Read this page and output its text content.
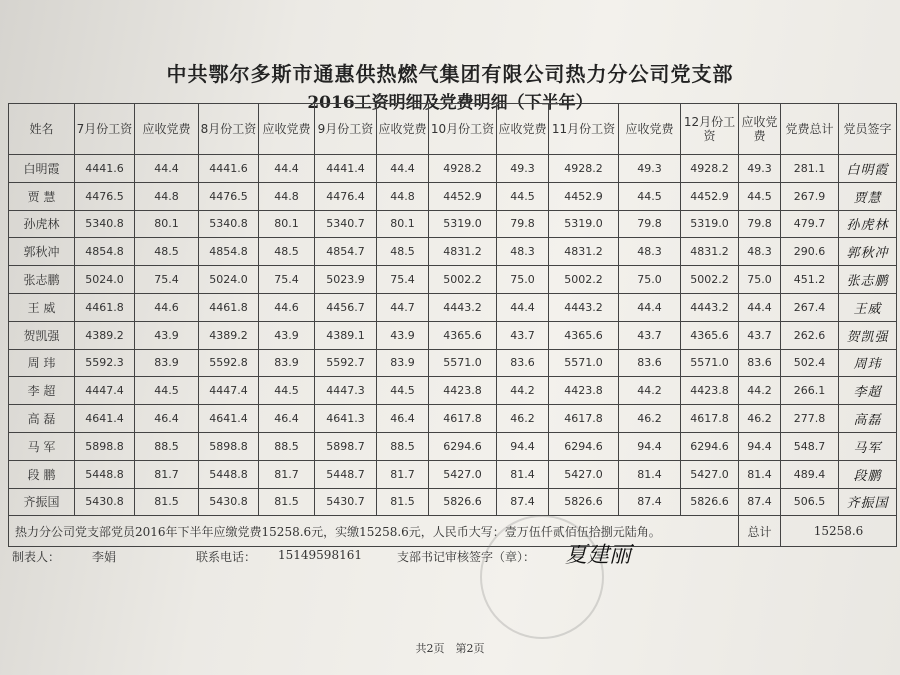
中共鄂尔多斯市通惠供热燃气集团有限公司热力分公司党支部
2016工资明细及党费明细（下半年）
姓名	7月份工资	应收党费	8月份工资	应收党费	9月份工资	应收党费	10月份工资	应收党费	11月份工资	应收党费	12月份工资	应收党费	党费总计	党员签字
白明霞	4441.6	44.4	4441.6	44.4	4441.4	44.4	4928.2	49.3	4928.2	49.3	4928.2	49.3	281.1	白明霞
贾 慧	4476.5	44.8	4476.5	44.8	4476.4	44.8	4452.9	44.5	4452.9	44.5	4452.9	44.5	267.9	贾慧
孙虎林	5340.8	80.1	5340.8	80.1	5340.7	80.1	5319.0	79.8	5319.0	79.8	5319.0	79.8	479.7	孙虎林
郭秋冲	4854.8	48.5	4854.8	48.5	4854.7	48.5	4831.2	48.3	4831.2	48.3	4831.2	48.3	290.6	郭秋冲
张志鹏	5024.0	75.4	5024.0	75.4	5023.9	75.4	5002.2	75.0	5002.2	75.0	5002.2	75.0	451.2	张志鹏
王 威	4461.8	44.6	4461.8	44.6	4456.7	44.7	4443.2	44.4	4443.2	44.4	4443.2	44.4	267.4	王威
贺凯强	4389.2	43.9	4389.2	43.9	4389.1	43.9	4365.6	43.7	4365.6	43.7	4365.6	43.7	262.6	贺凯强
周 玮	5592.3	83.9	5592.8	83.9	5592.7	83.9	5571.0	83.6	5571.0	83.6	5571.0	83.6	502.4	周玮
李 超	4447.4	44.5	4447.4	44.5	4447.3	44.5	4423.8	44.2	4423.8	44.2	4423.8	44.2	266.1	李超
高 磊	4641.4	46.4	4641.4	46.4	4641.3	46.4	4617.8	46.2	4617.8	46.2	4617.8	46.2	277.8	高磊
马 军	5898.8	88.5	5898.8	88.5	5898.7	88.5	6294.6	94.4	6294.6	94.4	6294.6	94.4	548.7	马军
段 鹏	5448.8	81.7	5448.8	81.7	5448.7	81.7	5427.0	81.4	5427.0	81.4	5427.0	81.4	489.4	段鹏
齐振国	5430.8	81.5	5430.8	81.5	5430.7	81.5	5826.6	87.4	5826.6	87.4	5826.6	87.4	506.5	齐振国
热力分公司党支部党员2016年下半年应缴党费15258.6元，实缴15258.6元，人民币大写：壹万伍仟贰佰伍拾捌元陆角。												总计	15258.6	
制表人：	李娟	联系电话： 15149598161	支部书记审核签字（章）： 夏建丽
共2页　第2页
